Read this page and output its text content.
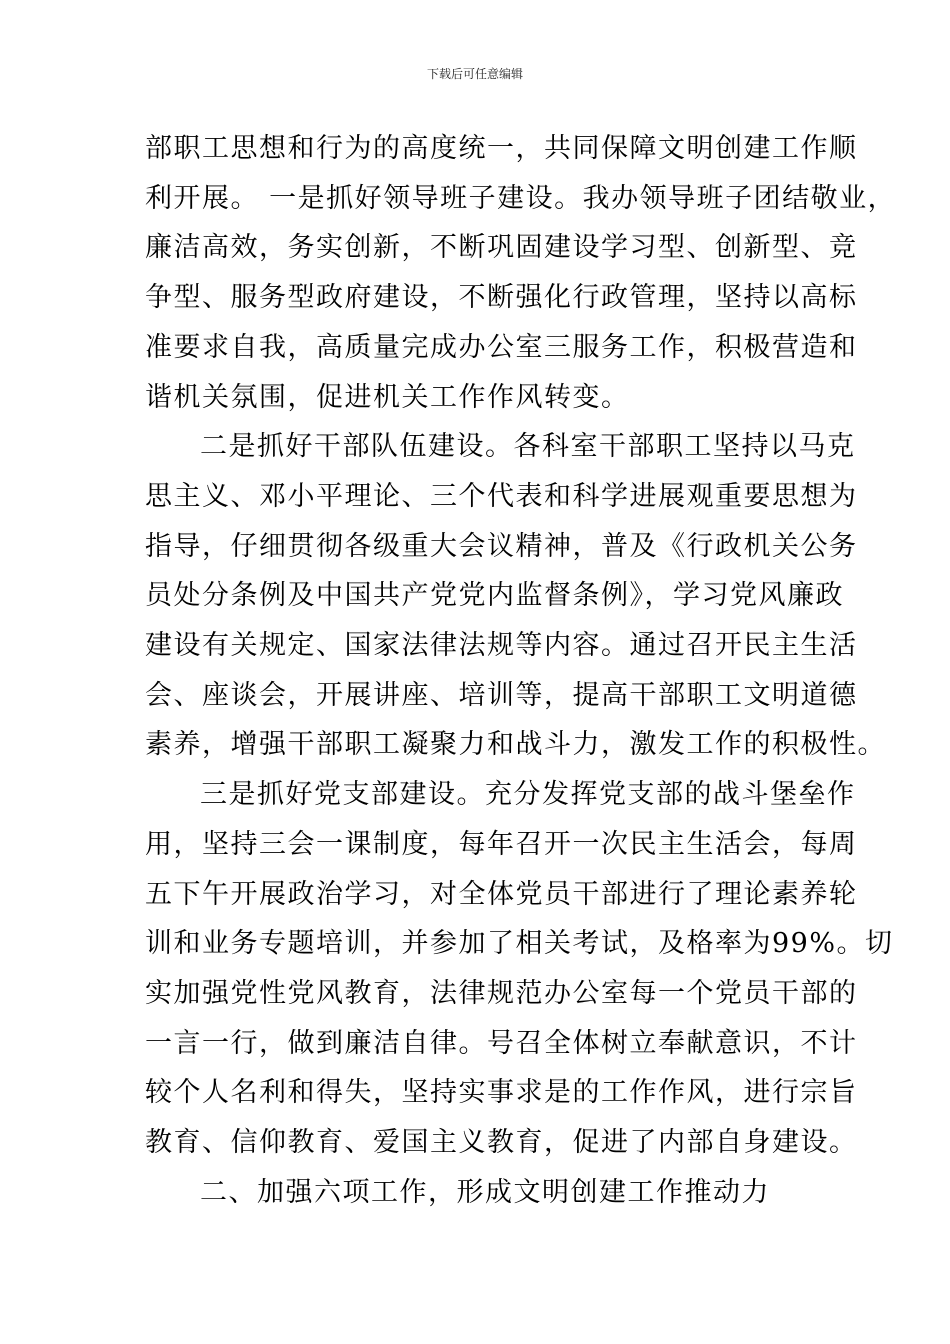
下载后可任意编辑
部职工思想和行为的高度统一，共同保障文明创建工作顺
利开展。 一是抓好领导班子建设。我办领导班子团结敬业，
廉洁高效，务实创新，不断巩固建设学习型、创新型、竞
争型、服务型政府建设，不断强化行政管理，坚持以高标
准要求自我，高质量完成办公室三服务工作，积极营造和
谐机关氛围，促进机关工作作风转变。
二是抓好干部队伍建设。各科室干部职工坚持以马克
思主义、邓小平理论、三个代表和科学进展观重要思想为
指导，仔细贯彻各级重大会议精神，普及《行政机关公务
员处分条例及中国共产党党内监督条例》，学习党风廉政
建设有关规定、国家法律法规等内容。通过召开民主生活
会、座谈会，开展讲座、培训等，提高干部职工文明道德
素养，增强干部职工凝聚力和战斗力，激发工作的积极性。
三是抓好党支部建设。充分发挥党支部的战斗堡垒作
用，坚持三会一课制度，每年召开一次民主生活会，每周
五下午开展政治学习，对全体党员干部进行了理论素养轮
训和业务专题培训，并参加了相关考试，及格率为99%。切
实加强党性党风教育，法律规范办公室每一个党员干部的
一言一行，做到廉洁自律。号召全体树立奉献意识，不计
较个人名利和得失，坚持实事求是的工作作风，进行宗旨
教育、信仰教育、爱国主义教育，促进了内部自身建设。
二、加强六项工作，形成文明创建工作推动力
